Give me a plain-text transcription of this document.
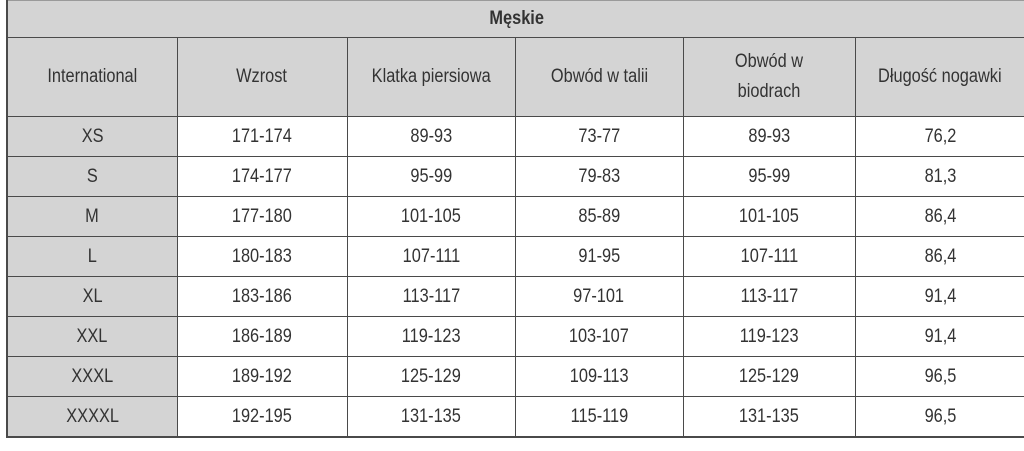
Męskie					
International	Wzrost	Klatka piersiowa	Obwód w talii	Obwód w biodrach	Długość nogawki
XS	171-174	89-93	73-77	89-93	76,2
S	174-177	95-99	79-83	95-99	81,3
M	177-180	101-105	85-89	101-105	86,4
L	180-183	107-111	91-95	107-111	86,4
XL	183-186	113-117	97-101	113-117	91,4
XXL	186-189	119-123	103-107	119-123	91,4
XXXL	189-192	125-129	109-113	125-129	96,5
XXXXL	192-195	131-135	115-119	131-135	96,5
